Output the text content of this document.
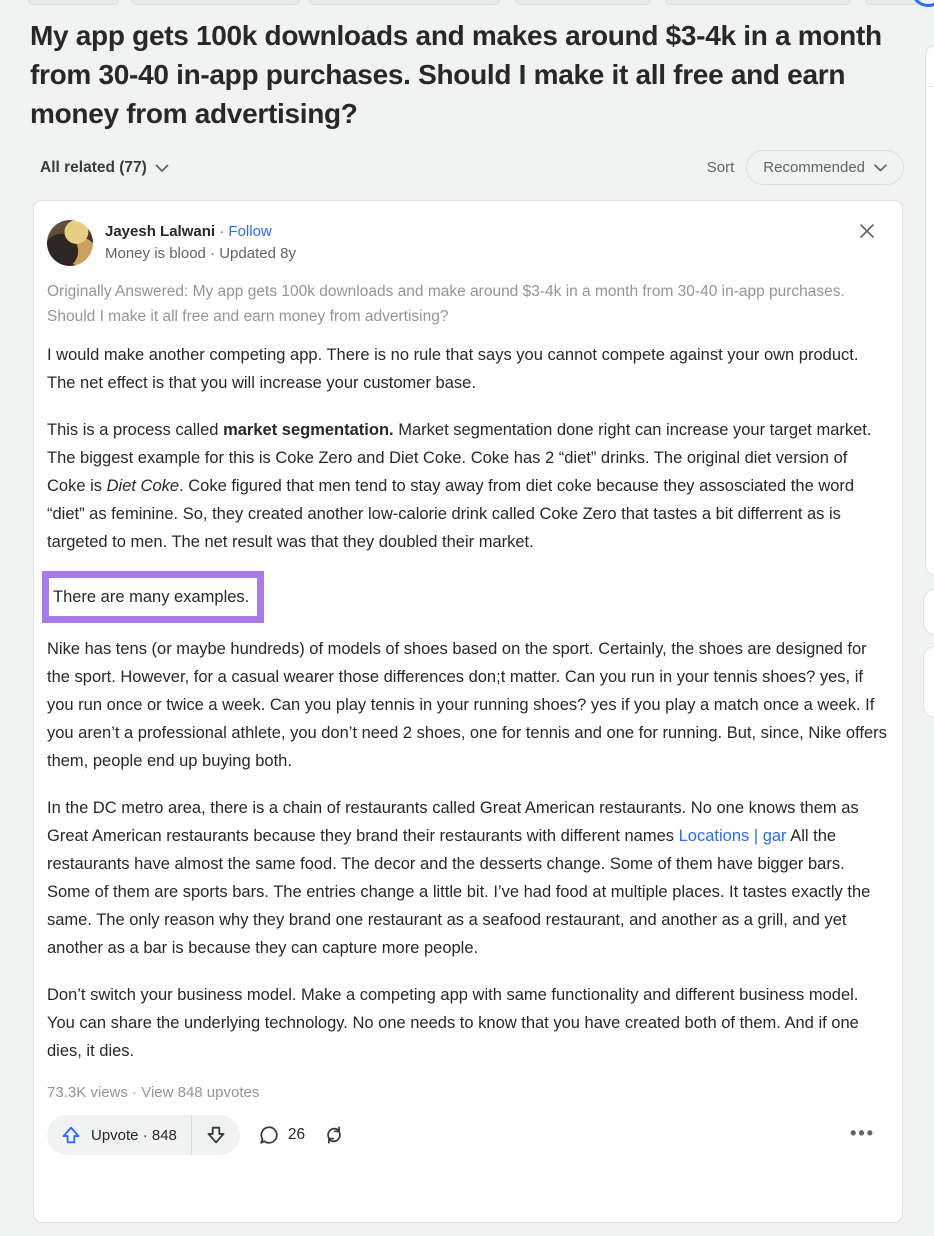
My app gets 100k downloads and makes around $3-4k in a month from 30-40 in-app purchases. Should I make it all free and earn money from advertising?
All related (77)	Sort Recommended
Jayesh Lalwani · Follow
Money is blood · Updated 8y
Originally Answered: My app gets 100k downloads and make around $3-4k in a month from 30-40 in-app purchases. Should I make it all free and earn money from advertising?

I would make another competing app. There is no rule that says you cannot compete against your own product. The net effect is that you will increase your customer base.

This is a process called market segmentation. Market segmentation done right can increase your target market. The biggest example for this is Coke Zero and Diet Coke. Coke has 2 “diet” drinks. The original diet version of Coke is Diet Coke. Coke figured that men tend to stay away from diet coke because they assosciated the word “diet” as feminine. So, they created another low-calorie drink called Coke Zero that tastes a bit differrent as is targeted to men. The net result was that they doubled their market.

There are many examples.

Nike has tens (or maybe hundreds) of models of shoes based on the sport. Certainly, the shoes are designed for the sport. However, for a casual wearer those differences don;t matter. Can you run in your tennis shoes? yes, if you run once or twice a week. Can you play tennis in your running shoes? yes if you play a match once a week. If you aren’t a professional athlete, you don’t need 2 shoes, one for tennis and one for running. But, since, Nike offers them, people end up buying both.

In the DC metro area, there is a chain of restaurants called Great American restaurants. No one knows them as Great American restaurants because they brand their restaurants with different names Locations | gar All the restaurants have almost the same food. The decor and the desserts change. Some of them have bigger bars. Some of them are sports bars. The entries change a little bit. I’ve had food at multiple places. It tastes exactly the same. The only reason why they brand one restaurant as a seafood restaurant, and another as a grill, and yet another as a bar is because they can capture more people.

Don’t switch your business model. Make a competing app with same functionality and different business model. You can share the underlying technology. No one needs to know that you have created both of them. And if one dies, it dies.

73.3K views · View 848 upvotes
Upvote · 848	26	•••
